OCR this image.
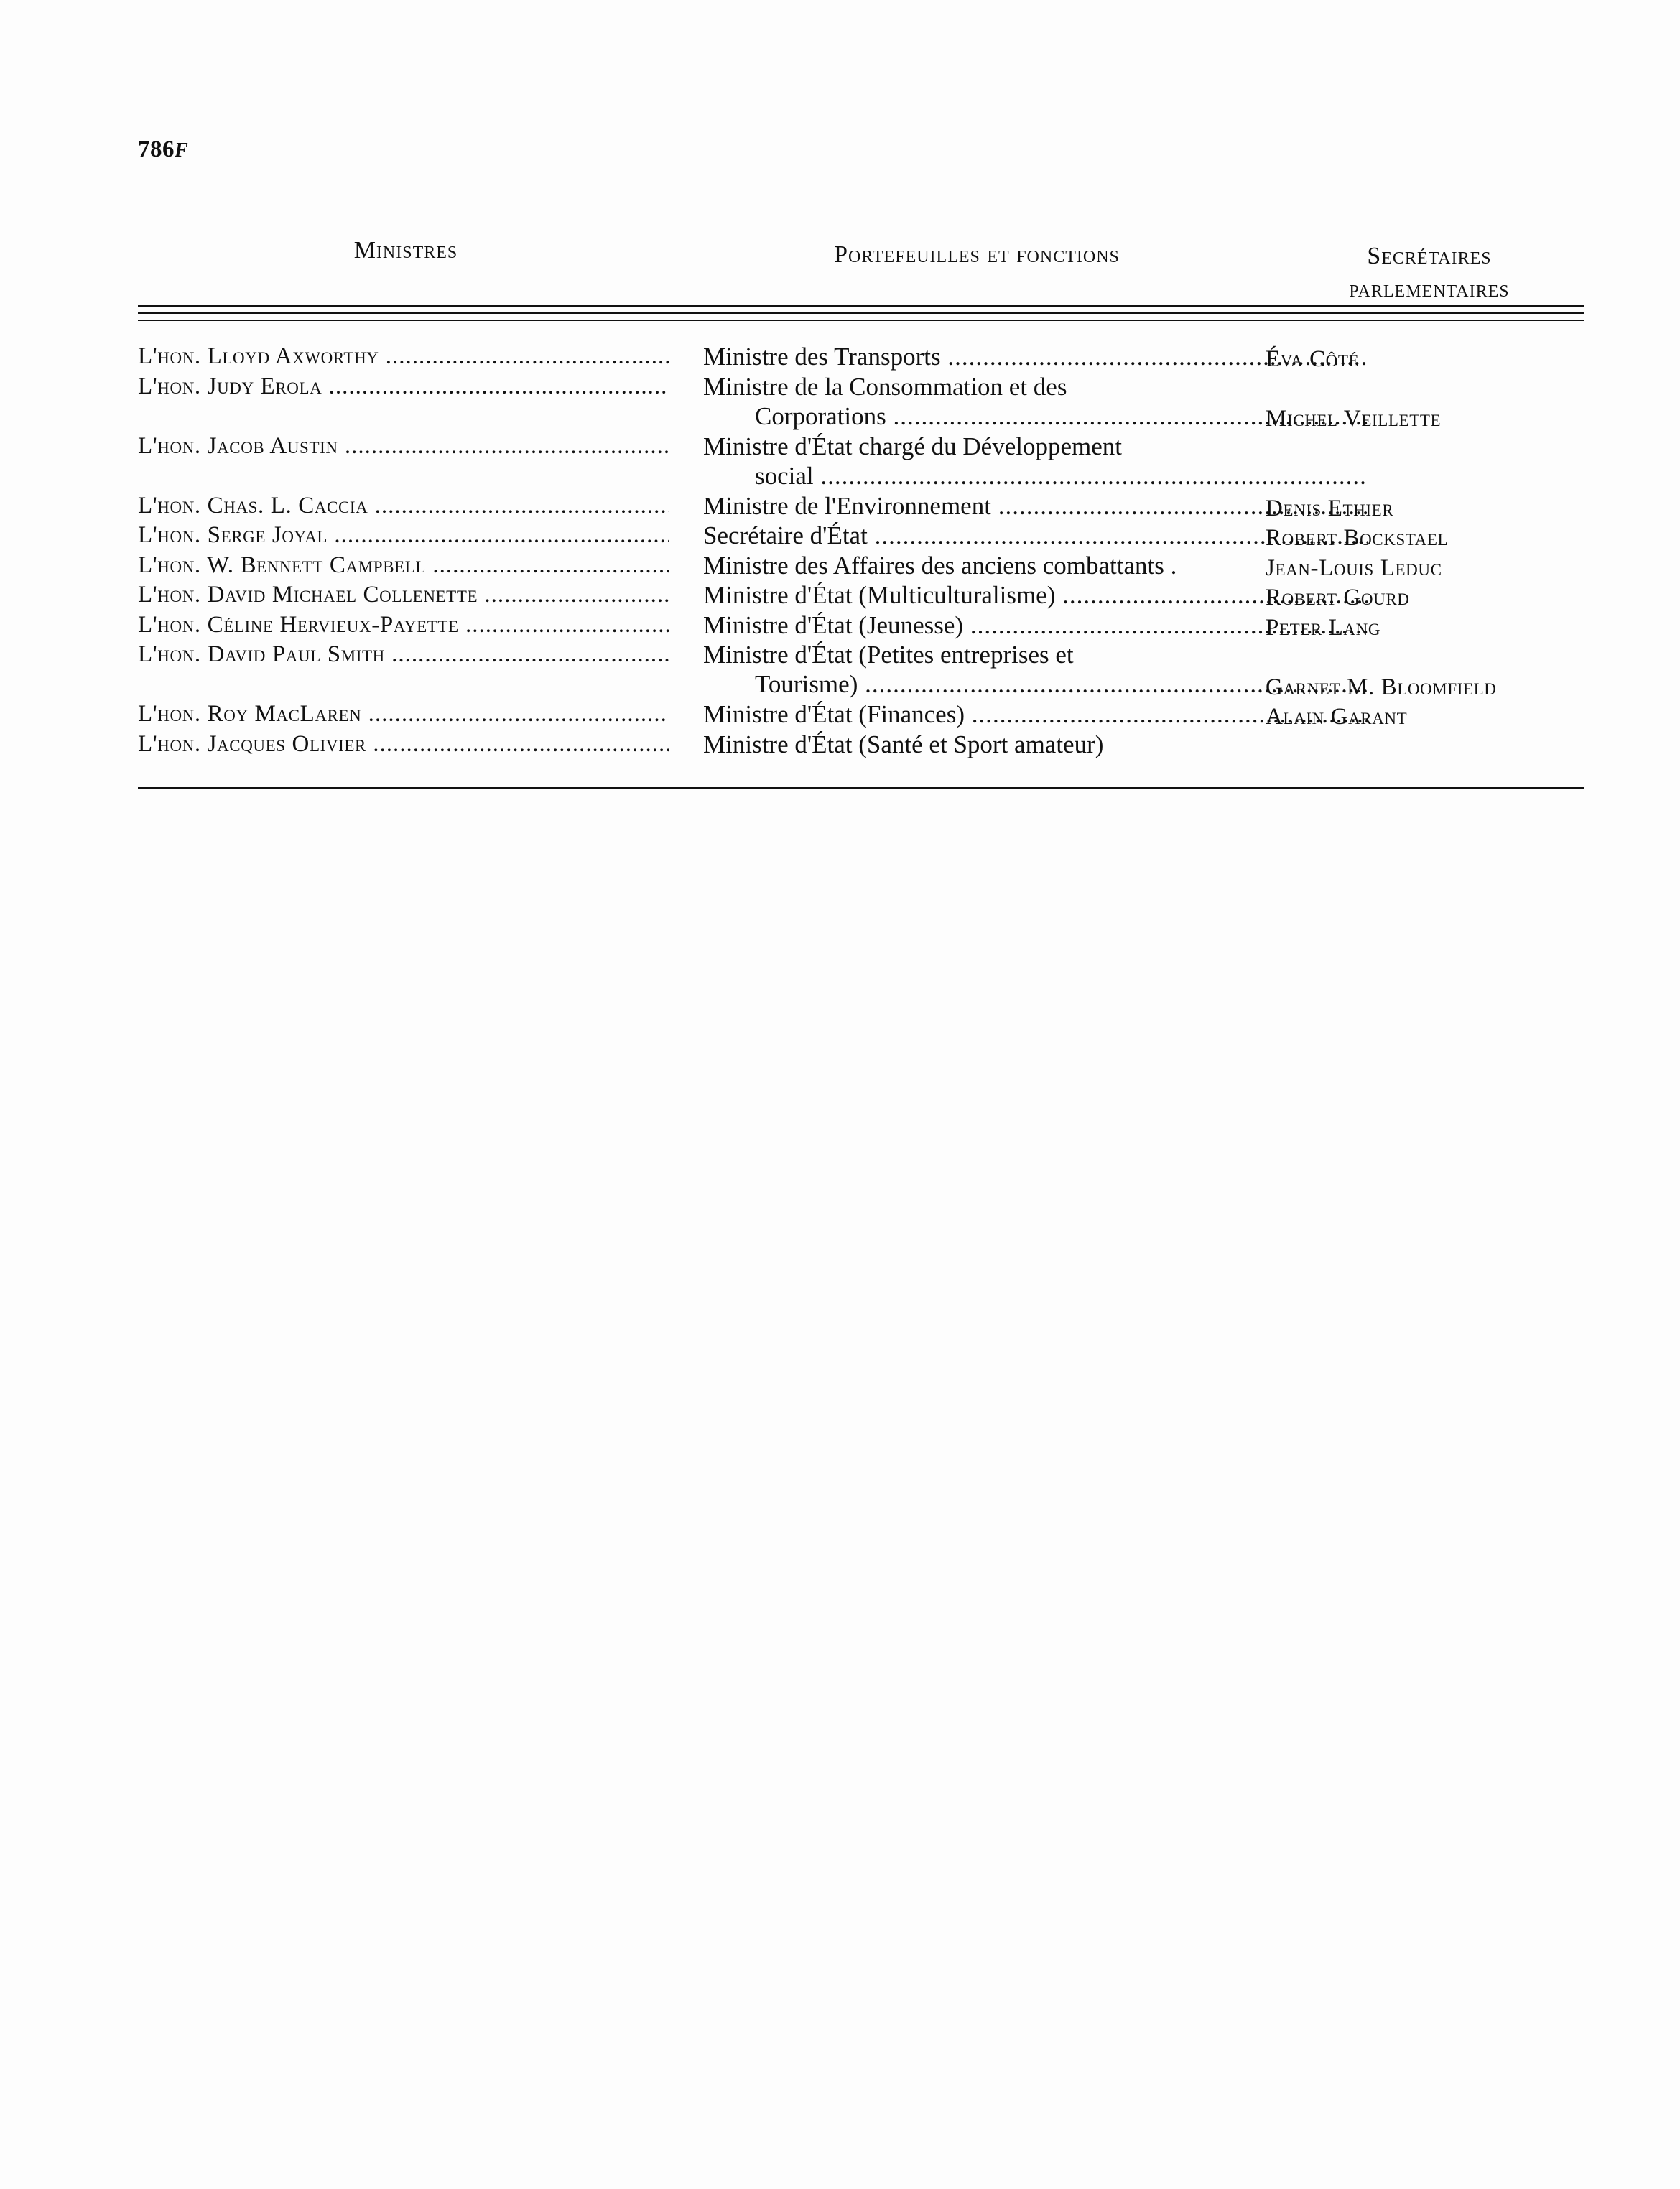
786F
Ministres	Portefeuilles et fonctions	Secrétaires
parlementaires
L'hon. Lloyd Axworthy .....	Ministre des Transports .....	Éva Côté
L'hon. Judy Erola .....	Ministre de la Consommation et des
Corporations .....	Michel Veillette
L'hon. Jacob Austin .....	Ministre d'État chargé du Développement
social .....
L'hon. Chas. L. Caccia .....	Ministre de l'Environnement .....	Denis Ethier
L'hon. Serge Joyal .....	Secrétaire d'État .....	Robert Bockstael
L'hon. W. Bennett Campbell .....	Ministre des Affaires des anciens combattants .	Jean-Louis Leduc
L'hon. David Michael Collenette .....	Ministre d'État (Multiculturalisme) .....	Robert Gourd
L'hon. Céline Hervieux-Payette .....	Ministre d'État (Jeunesse) .....	Peter Lang
L'hon. David Paul Smith .....	Ministre d'État (Petites entreprises et
Tourisme) .....	Garnet M. Bloomfield
L'hon. Roy MacLaren .....	Ministre d'État (Finances) .....	Alain Garant
L'hon. Jacques Olivier .....	Ministre d'État (Santé et Sport amateur)
